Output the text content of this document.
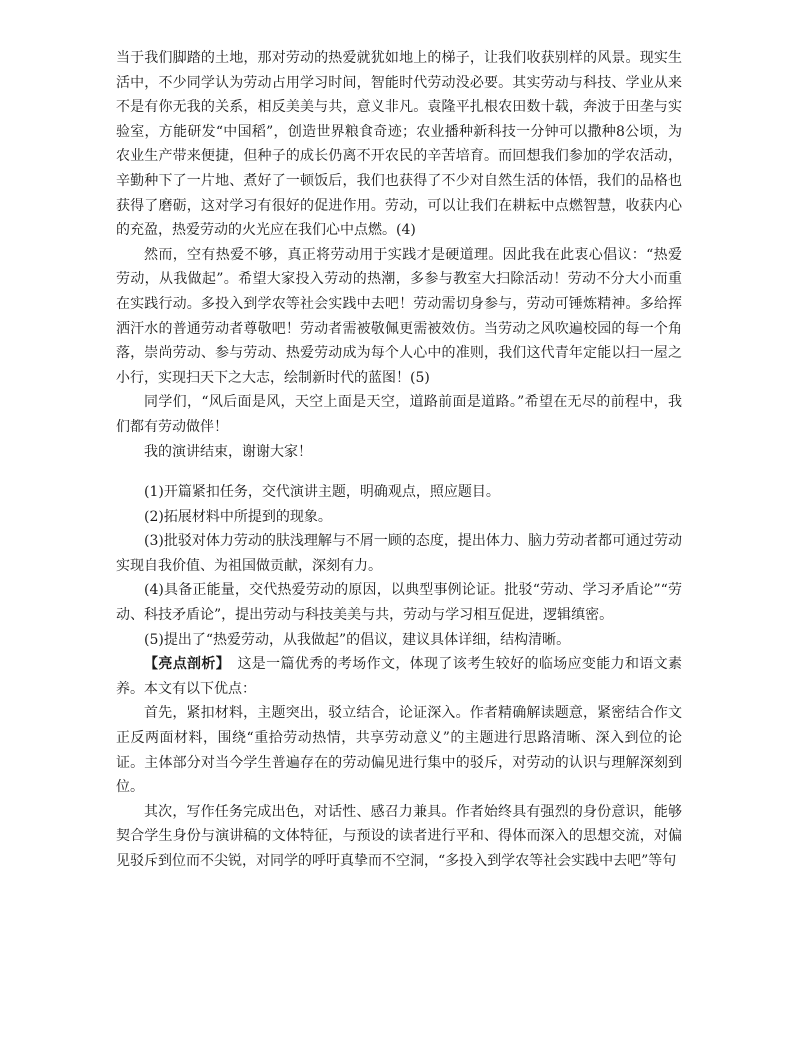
当于我们脚踏的土地，那对劳动的热爱就犹如地上的梯子，让我们收获别样的风景。现实生活中，不少同学认为劳动占用学习时间，智能时代劳动没必要。其实劳动与科技、学业从来不是有你无我的关系，相反美美与共，意义非凡。袁隆平扎根农田数十载，奔波于田垄与实验室，方能研发“中国稻”，创造世界粮食奇迹；农业播种新科技一分钟可以撒种8公顷，为农业生产带来便捷，但种子的成长仍离不开农民的辛苦培育。而回想我们参加的学农活动，辛勤种下了一片地、煮好了一顿饭后，我们也获得了不少对自然生活的体悟，我们的品格也获得了磨砺，这对学习有很好的促进作用。劳动，可以让我们在耕耘中点燃智慧，收获内心的充盈，热爱劳动的火光应在我们心中点燃。(4)

然而，空有热爱不够，真正将劳动用于实践才是硬道理。因此我在此衷心倡议：“热爱劳动，从我做起”。希望大家投入劳动的热潮，多参与教室大扫除活动！劳动不分大小而重在实践行动。多投入到学农等社会实践中去吧！劳动需切身参与，劳动可锤炼精神。多给挥洒汗水的普通劳动者尊敬吧！劳动者需被敬佩更需被效仿。当劳动之风吹遍校园的每一个角落，崇尚劳动、参与劳动、热爱劳动成为每个人心中的准则，我们这代青年定能以扫一屋之小行，实现扫天下之大志，绘制新时代的蓝图！(5)

同学们，“风后面是风，天空上面是天空，道路前面是道路。”希望在无尽的前程中，我们都有劳动做伴！

我的演讲结束，谢谢大家！

(1)开篇紧扣任务，交代演讲主题，明确观点，照应题目。

(2)拓展材料中所提到的现象。

(3)批驳对体力劳动的肤浅理解与不屑一顾的态度，提出体力、脑力劳动者都可通过劳动实现自我价值、为祖国做贡献，深刻有力。

(4)具备正能量，交代热爱劳动的原因，以典型事例论证。批驳“劳动、学习矛盾论”“劳动、科技矛盾论”，提出劳动与科技美美与共，劳动与学习相互促进，逻辑缜密。

(5)提出了“热爱劳动，从我做起”的倡议，建议具体详细，结构清晰。

【亮点剖析】　这是一篇优秀的考场作文，体现了该考生较好的临场应变能力和语文素养。本文有以下优点：

首先，紧扣材料，主题突出，驳立结合，论证深入。作者精确解读题意，紧密结合作文正反两面材料，围绕“重拾劳动热情，共享劳动意义”的主题进行思路清晰、深入到位的论证。主体部分对当今学生普遍存在的劳动偏见进行集中的驳斥，对劳动的认识与理解深刻到位。

其次，写作任务完成出色，对话性、感召力兼具。作者始终具有强烈的身份意识，能够契合学生身份与演讲稿的文体特征，与预设的读者进行平和、得体而深入的思想交流，对偏见驳斥到位而不尖锐，对同学的呼吁真挚而不空洞，“多投入到学农等社会实践中去吧”等句
